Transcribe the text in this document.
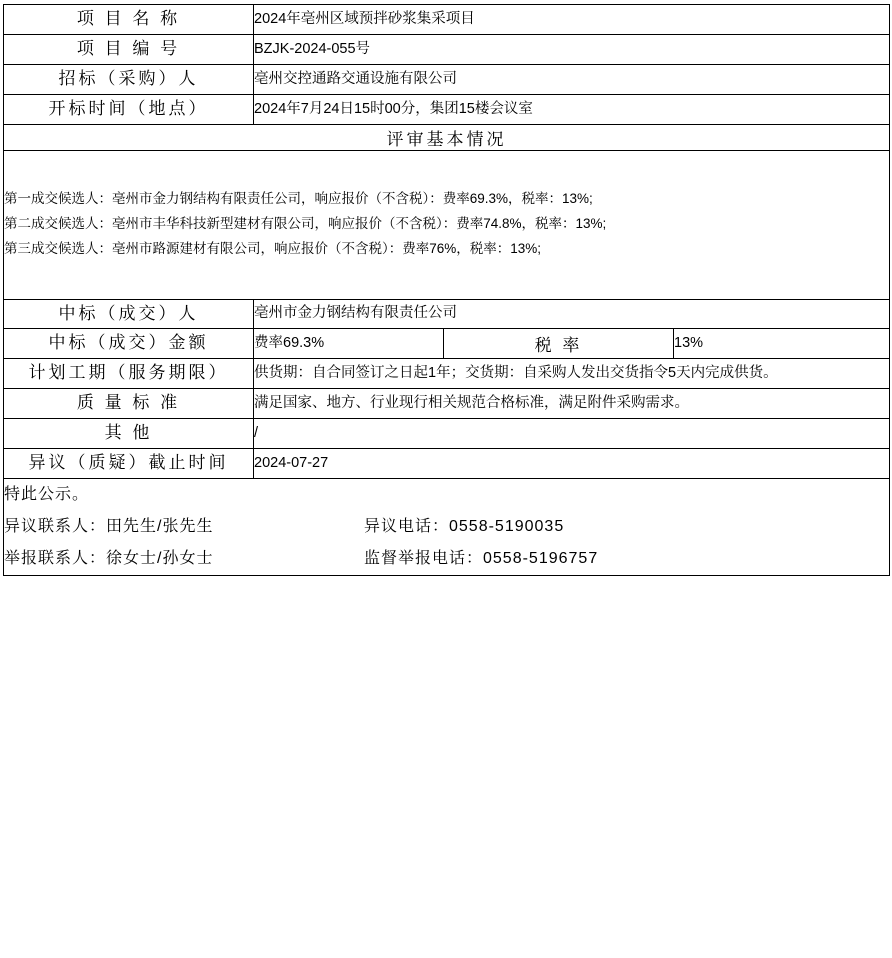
项 目 名 称	2024年亳州区域预拌砂浆集采项目		
项 目 编 号	BZJK-2024-055号		
招标（采购）人	亳州交控通路交通设施有限公司		
开标时间（地点）	2024年7月24日15时00分，集团15楼会议室		
评审基本情况			

第一成交候选人：亳州市金力钢结构有限责任公司，响应报价（不含税）：费率69.3%，税率：13%;
第二成交候选人：亳州市丰华科技新型建材有限公司，响应报价（不含税）：费率74.8%，税率：13%;
第三成交候选人：亳州市路源建材有限公司，响应报价（不含税）：费率76%，税率：13%;			

中标（成交）人	亳州市金力钢结构有限责任公司		
中标（成交）金额	费率69.3%	税 率	13%
计划工期（服务期限）	供货期：自合同签订之日起1年；交货期：自采购人发出交货指令5天内完成供货。		
质 量 标 准	满足国家、地方、行业现行相关规范合格标准，满足附件采购需求。		
其 他	/		
异议（质疑）截止时间	2024-07-27		

特此公示。
异议联系人：田先生/张先生 异议电话：0558-5190035
举报联系人：徐女士/孙女士 监督举报电话：0558-5196757			
